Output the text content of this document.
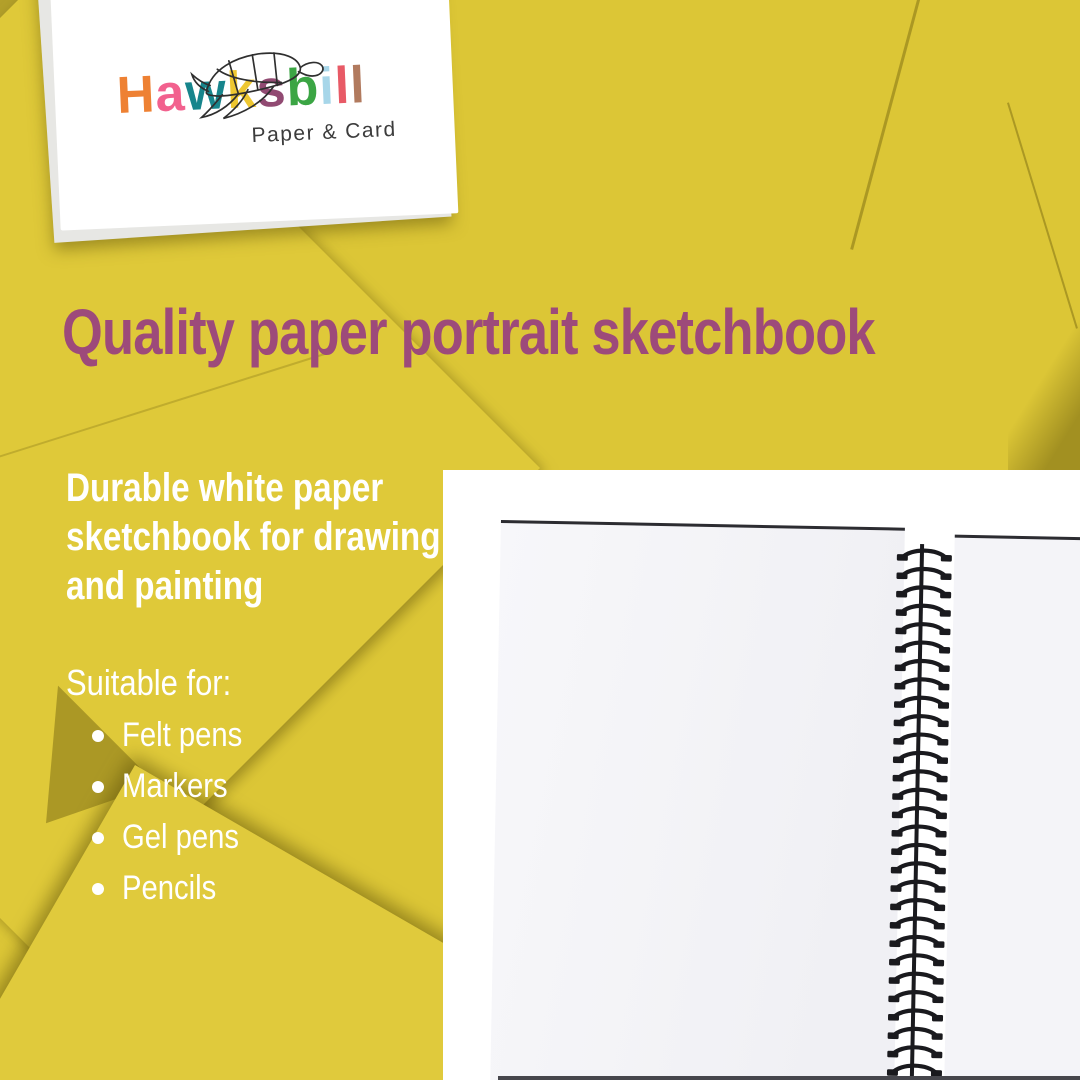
Hawksbill
Paper & Card
Quality paper portrait sketchbook
Durable white paper
sketchbook for drawing
and painting
Suitable for:
Felt pens
Markers
Gel pens
Pencils
